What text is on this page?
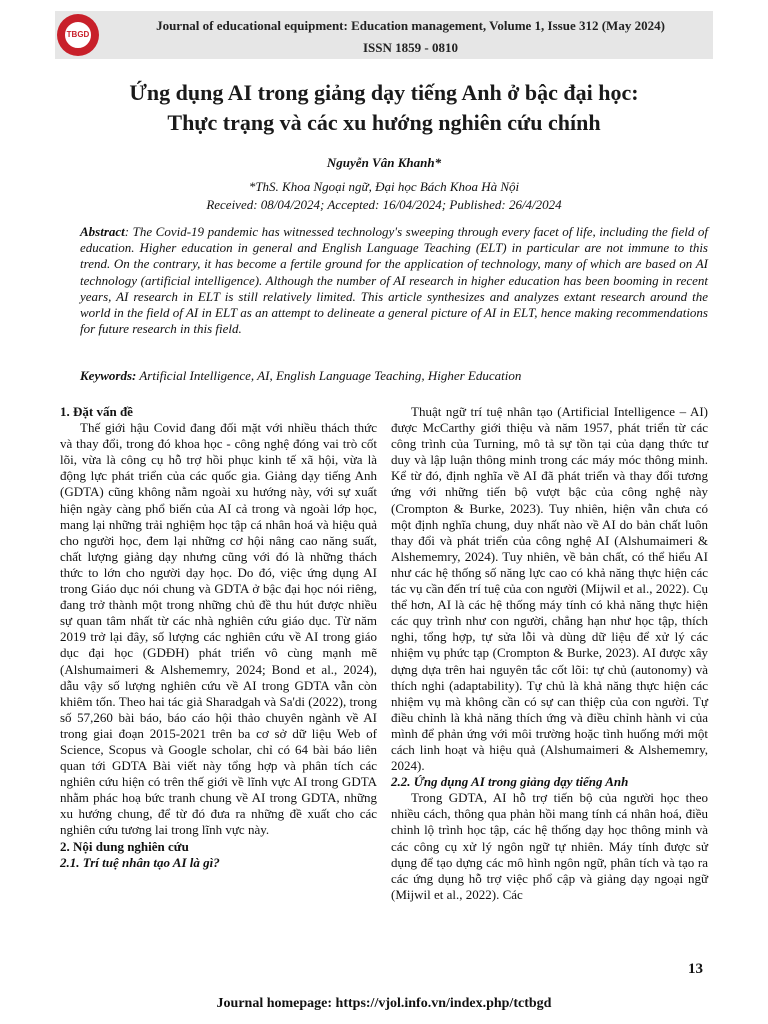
TBGD
Journal of educational equipment: Education management, Volume 1, Issue 312 (May 2024)
ISSN 1859 - 0810
Ứng dụng AI trong giảng dạy tiếng Anh ở bậc đại học:
Thực trạng và các xu hướng nghiên cứu chính
Nguyễn Vân Khanh*
*ThS. Khoa Ngoại ngữ, Đại học Bách Khoa Hà Nội
Received: 08/04/2024; Accepted: 16/04/2024; Published: 26/4/2024
Abstract: The Covid-19 pandemic has witnessed technology's sweeping through every facet of life, including the field of education. Higher education in general and English Language Teaching (ELT) in particular are not immune to this trend. On the contrary, it has become a fertile ground for the application of technology, many of which are based on AI technology (artificial intelligence). Although the number of AI research in higher education has been booming in recent years, AI research in ELT is still relatively limited. This article synthesizes and analyzes extant research around the world in the field of AI in ELT as an attempt to delineate a general picture of AI in ELT, hence making recommendations for future research in this field.
Keywords: Artificial Intelligence, AI, English Language Teaching, Higher Education

1. Đặt vấn đề

Thế giới hậu Covid đang đối mặt với nhiều thách thức và thay đổi, trong đó khoa học - công nghệ đóng vai trò cốt lõi, vừa là công cụ hỗ trợ hồi phục kinh tế xã hội, vừa là động lực phát triển của các quốc gia. Giảng dạy tiếng Anh (GDTA) cũng không nằm ngoài xu hướng này, với sự xuất hiện ngày càng phổ biến của AI cả trong và ngoài lớp học, mang lại những trải nghiệm học tập cá nhân hoá và hiệu quả cho người học, đem lại những cơ hội nâng cao năng suất, chất lượng giảng dạy nhưng cũng với đó là những thách thức to lớn cho người dạy học. Do đó, việc ứng dụng AI trong Giáo dục nói chung và GDTA ở bậc đại học nói riêng, đang trở thành một trong những chủ đề thu hút được nhiều sự quan tâm nhất từ các nhà nghiên cứu giáo dục. Từ năm 2019 trở lại đây, số lượng các nghiên cứu về AI trong giáo dục đại học (GDĐH) phát triển vô cùng mạnh mẽ (Alshumaimeri & Alshememry, 2024; Bond et al., 2024), dẫu vậy số lượng nghiên cứu về AI trong GDTA vẫn còn khiêm tốn. Theo hai tác giả Sharadgah và Sa'di (2022), trong số 57,260 bài báo, báo cáo hội thảo chuyên ngành về AI trong giai đoạn 2015-2021 trên ba cơ sở dữ liệu Web of Science, Scopus và Google scholar, chỉ có 64 bài báo liên quan tới GDTA Bài viết này tổng hợp và phân tích các nghiên cứu hiện có trên thế giới về lĩnh vực AI trong GDTA nhằm phác hoạ bức tranh chung về AI trong GDTA, những xu hướng chung, để từ đó đưa ra những đề xuất cho các nghiên cứu tương lai trong lĩnh vực này.

2. Nội dung nghiên cứu

2.1. Trí tuệ nhân tạo AI là gì?

Thuật ngữ trí tuệ nhân tạo (Artificial Intelligence – AI) được McCarthy giới thiệu và năm 1957, phát triển từ các công trình của Turning, mô tả sự tồn tại của dạng thức tư duy và lập luận thông minh trong các máy móc thông minh. Kể từ đó, định nghĩa về AI đã phát triển và thay đổi tương ứng với những tiến bộ vượt bậc của công nghệ này (Crompton & Burke, 2023). Tuy nhiên, hiện vẫn chưa có một định nghĩa chung, duy nhất nào về AI do bản chất luôn thay đổi và phát triển của công nghệ AI (Alshumaimeri & Alshememry, 2024). Tuy nhiên, về bản chất, có thể hiểu AI như các hệ thống số năng lực cao có khả năng thực hiện các tác vụ cần đến trí tuệ của con người (Mijwil et al., 2022). Cụ thể hơn, AI là các hệ thống máy tính có khả năng thực hiện các quy trình như con người, chẳng hạn như học tập, thích nghi, tổng hợp, tự sửa lỗi và dùng dữ liệu để xử lý các nhiệm vụ phức tạp (Crompton & Burke, 2023). AI được xây dựng dựa trên hai nguyên tắc cốt lõi: tự chủ (autonomy) và thích nghi (adaptability). Tự chủ là khả năng thực hiện các nhiệm vụ mà không cần có sự can thiệp của con người. Tự điều chỉnh là khả năng thích ứng và điều chỉnh hành vi của mình để phản ứng với môi trường hoặc tình huống mới một cách linh hoạt và hiệu quả (Alshumaimeri & Alshememry, 2024).

2.2. Ứng dụng AI trong giảng dạy tiếng Anh

Trong GDTA, AI hỗ trợ tiến bộ của người học theo nhiều cách, thông qua phản hồi mang tính cá nhân hoá, điều chỉnh lộ trình học tập, các hệ thống dạy học thông minh và các công cụ xử lý ngôn ngữ tự nhiên. Máy tính được sử dụng để tạo dựng các mô hình ngôn ngữ, phân tích và tạo ra các ứng dụng hỗ trợ việc phổ cập và giảng dạy ngoại ngữ (Mijwil et al., 2022). Các

13
Journal homepage: https://vjol.info.vn/index.php/tctbgd
